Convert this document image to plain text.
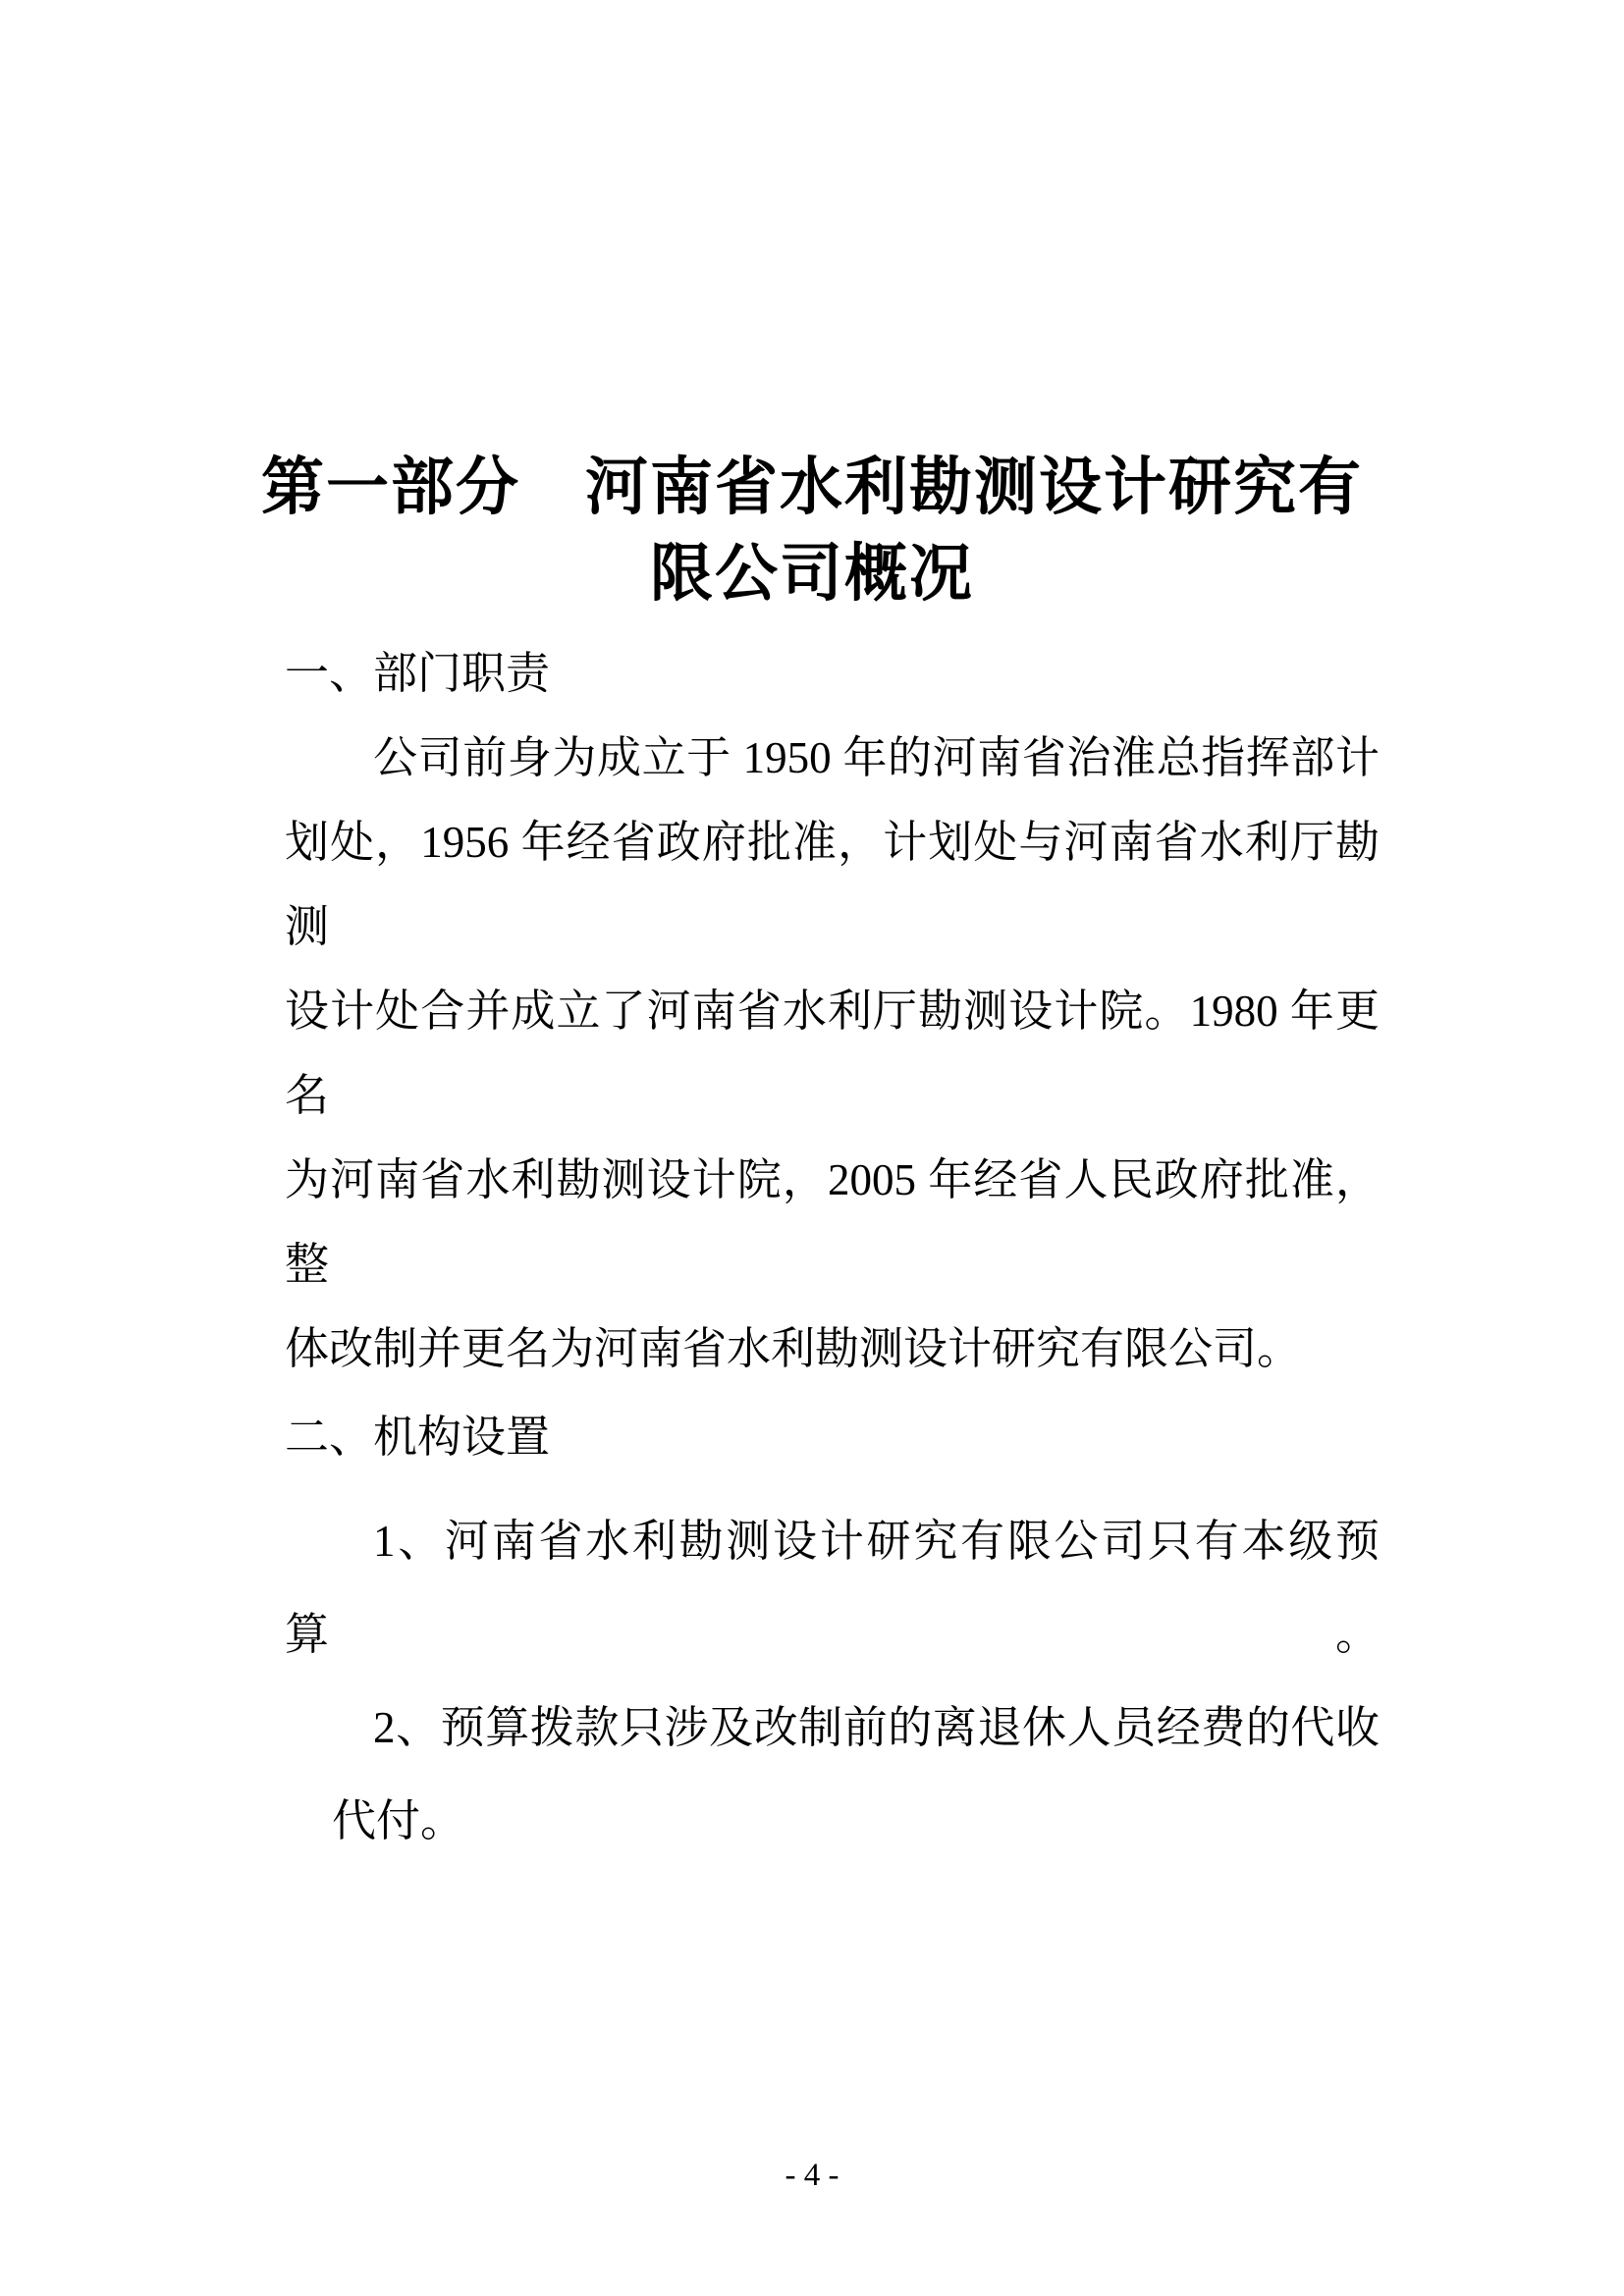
第一部分　河南省水利勘测设计研究有
限公司概况
一、部门职责
公司前身为成立于 1950 年的河南省治淮总指挥部计
划处，1956 年经省政府批准，计划处与河南省水利厅勘测
设计处合并成立了河南省水利厅勘测设计院。1980 年更名
为河南省水利勘测设计院，2005 年经省人民政府批准，整
体改制并更名为河南省水利勘测设计研究有限公司。
二、机构设置
1、河南省水利勘测设计研究有限公司只有本级预算。
2、预算拨款只涉及改制前的离退休人员经费的代收
代付。
- 4 -
